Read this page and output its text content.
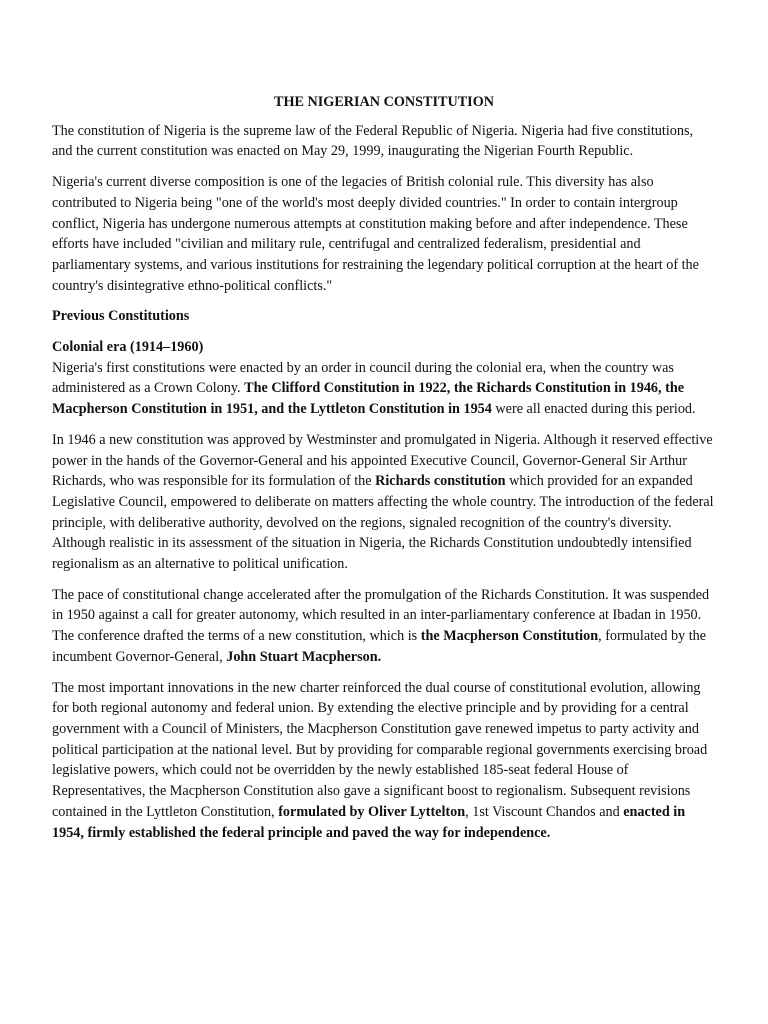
THE NIGERIAN CONSTITUTION

The constitution of Nigeria is the supreme law of the Federal Republic of Nigeria. Nigeria had five constitutions, and the current constitution was enacted on May 29, 1999, inaugurating the Nigerian Fourth Republic.

Nigeria's current diverse composition is one of the legacies of British colonial rule. This diversity has also contributed to Nigeria being "one of the world's most deeply divided countries." In order to contain intergroup conflict, Nigeria has undergone numerous attempts at constitution making before and after independence. These efforts have included "civilian and military rule, centrifugal and centralized federalism, presidential and parliamentary systems, and various institutions for restraining the legendary political corruption at the heart of the country's disintegrative ethno-political conflicts."

Previous Constitutions
Colonial era (1914–1960)

Nigeria's first constitutions were enacted by an order in council during the colonial era, when the country was administered as a Crown Colony. The Clifford Constitution in 1922, the Richards Constitution in 1946, the Macpherson Constitution in 1951, and the Lyttleton Constitution in 1954 were all enacted during this period.

In 1946 a new constitution was approved by Westminster and promulgated in Nigeria. Although it reserved effective power in the hands of the Governor-General and his appointed Executive Council, Governor-General Sir Arthur Richards, who was responsible for its formulation of the Richards constitution which provided for an expanded Legislative Council, empowered to deliberate on matters affecting the whole country. The introduction of the federal principle, with deliberative authority, devolved on the regions, signaled recognition of the country's diversity. Although realistic in its assessment of the situation in Nigeria, the Richards Constitution undoubtedly intensified regionalism as an alternative to political unification.

The pace of constitutional change accelerated after the promulgation of the Richards Constitution. It was suspended in 1950 against a call for greater autonomy, which resulted in an inter-parliamentary conference at Ibadan in 1950. The conference drafted the terms of a new constitution, which is the Macpherson Constitution, formulated by the incumbent Governor-General, John Stuart Macpherson.

The most important innovations in the new charter reinforced the dual course of constitutional evolution, allowing for both regional autonomy and federal union. By extending the elective principle and by providing for a central government with a Council of Ministers, the Macpherson Constitution gave renewed impetus to party activity and political participation at the national level. But by providing for comparable regional governments exercising broad legislative powers, which could not be overridden by the newly established 185-seat federal House of Representatives, the Macpherson Constitution also gave a significant boost to regionalism. Subsequent revisions contained in the Lyttleton Constitution, formulated by Oliver Lyttelton, 1st Viscount Chandos and enacted in 1954, firmly established the federal principle and paved the way for independence.
